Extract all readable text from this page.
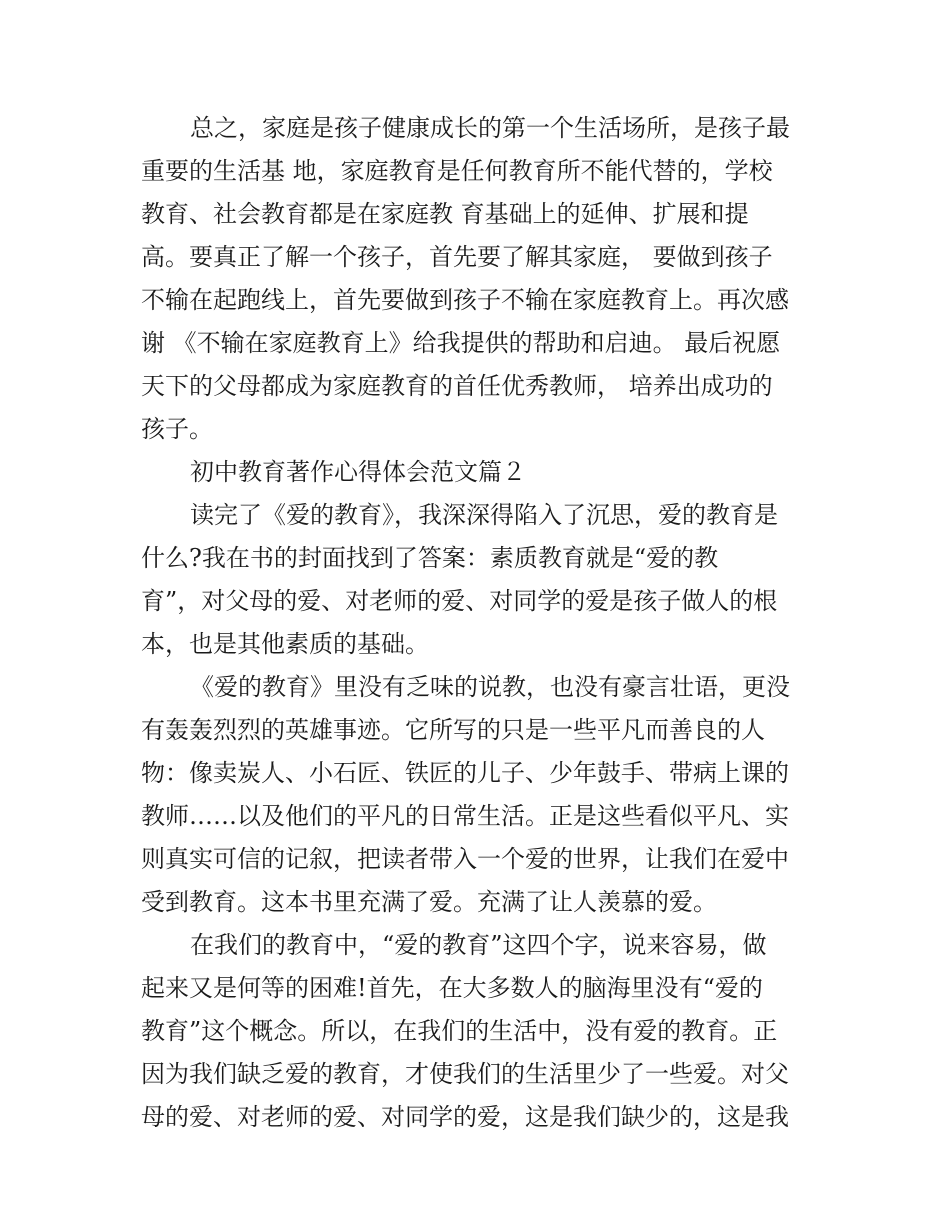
总之，家庭是孩子健康成长的第一个生活场所，是孩子最
重要的生活基 地，家庭教育是任何教育所不能代替的，学校
教育、社会教育都是在家庭教 育基础上的延伸、扩展和提
高。要真正了解一个孩子，首先要了解其家庭， 要做到孩子
不输在起跑线上，首先要做到孩子不输在家庭教育上。再次感
谢 《不输在家庭教育上》给我提供的帮助和启迪。 最后祝愿
天下的父母都成为家庭教育的首任优秀教师， 培养出成功的
孩子。
初中教育著作心得体会范文篇２
读完了《爱的教育》，我深深得陷入了沉思，爱的教育是
什么?我在书的封面找到了答案：素质教育就是“爱的教
育”，对父母的爱、对老师的爱、对同学的爱是孩子做人的根
本，也是其他素质的基础。
《爱的教育》里没有乏味的说教，也没有豪言壮语，更没
有轰轰烈烈的英雄事迹。它所写的只是一些平凡而善良的人
物：像卖炭人、小石匠、铁匠的儿子、少年鼓手、带病上课的
教师……以及他们的平凡的日常生活。正是这些看似平凡、实
则真实可信的记叙，把读者带入一个爱的世界，让我们在爱中
受到教育。这本书里充满了爱。充满了让人羡慕的爱。
在我们的教育中，“爱的教育”这四个字，说来容易，做
起来又是何等的困难!首先，在大多数人的脑海里没有“爱的
教育”这个概念。所以，在我们的生活中，没有爱的教育。正
因为我们缺乏爱的教育，才使我们的生活里少了一些爱。对父
母的爱、对老师的爱、对同学的爱，这是我们缺少的，这是我
